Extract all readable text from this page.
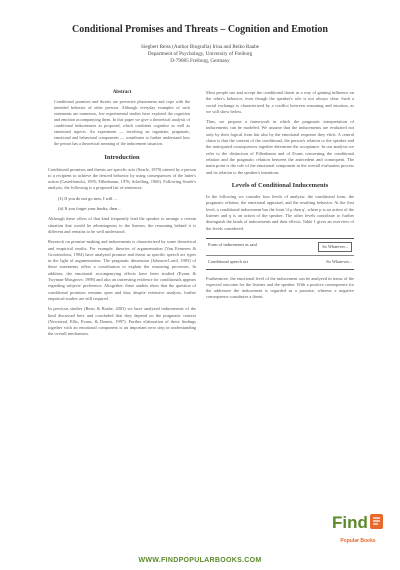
Conditional Promises and Threats – Cognition and Emotion
Siegbert Reiss (Author Biografia) Irina and Reiko Raabe
Department of Psychology, University of Freiburg
D-79085 Freiburg, Germany
Abstract
Conditional promises and threats are pervasive phenomena and cope with the intended behavior of other persons. Although everyday examples of such statements are numerous, few experimental studies have explored the cognition and emotion accompanying them. In this paper we give a theoretical analysis of conditional inducements as proposed, which combines cognitive as well as emotional aspects. An experiment — involving an ingratiate, pragmatic, emotional and behavioral components — contributes to further understand how the person has a theoretical meaning of the inducement situation.
Introduction
Conditional promises and threats are specific acts (Searle, 1979) uttered by a person to a recipient to achieve the desired behavior by using consequences of the latter's action (Castelfranchi, 1995; Fillenbaum, 1976; Schelling, 1960). Following Searle's analysis, the following is a proposed list of sentences:
(1) If you do not go now, I will ...
(ii) If you forget your books, then ...
Although these offers of that kind frequently lead the speaker to arrange a certain situation that would be advantageous to the listener, the reasoning behind it is different and remains to be well understood.
Research on promise-making and inducements is characterized by some theoretical and empirical results. For example, theories of argumentation (Van Eemeren & Grootendorst, 1984) have analyzed promise and threat as specific speech act types in the light of argumentation. The pragmatic dimension (Johnson-Laird, 1983) of these statements offers a contribution to explain the reasoning processes. In addition, the emotional accompanying effects have been studied (Evans & Twyman-Musgrove, 1998) and also an interesting evidence for conditionals appears regarding subjects' preference. Altogether, these studies show that the question of conditional promises remains open and that, despite extensive analysis, further empirical studies are still required.
In previous studies (Reiss & Raabe, 2003) we have analyzed inducements of the kind discussed here and concluded that they depend on the pragmatic context (Newstead, Ellis, Evans, & Dennis, 1997). Further elaboration of these findings together with an emotional component is an important next step in understanding the overall mechanism.
Most people use and accept the conditional threat as a way of gaining influence on the other's behavior, even though the speaker's role is not always clear. Such a social exchange is characterized by a conflict between reasoning and emotion, as we will show below.
Thus, we propose a framework in which the pragmatic interpretation of inducements can be modeled. We assume that the inducements are evaluated not only by their logical form but also by the emotional response they elicit. A central claim is that the content of the conditional, the person's relation to the speaker and the anticipated consequences together determine the acceptance. In our analysis we refer to the distinction of Fillenbaum and of Evans concerning the conditional relation and the pragmatic relation between the antecedent and consequent. The main point is the role of the emotional component in the overall evaluation process and its relation to the speaker's intentions.
Levels of Conditional Inducements
In the following we consider four levels of analysis: the conditional form, the pragmatic relation, the emotional appraisal, and the resulting behavior. At the first level, a conditional inducement has the form 'if p then q', where p is an action of the listener and q is an action of the speaker. The other levels contribute to further distinguish the kinds of inducements and their effects. Table 1 gives an overview of the levels considered.
Form of inducement as said	So Whatever...
Conditional speech act	So Whatever...
Furthermore, the emotional level of the inducement can be analyzed in terms of the expected outcome for the listener and the speaker. With a positive consequence for the addressee the inducement is regarded as a promise, whereas a negative consequence constitutes a threat.
Find
Popular Books
WWW.FINDPOPULARBOOKS.COM
